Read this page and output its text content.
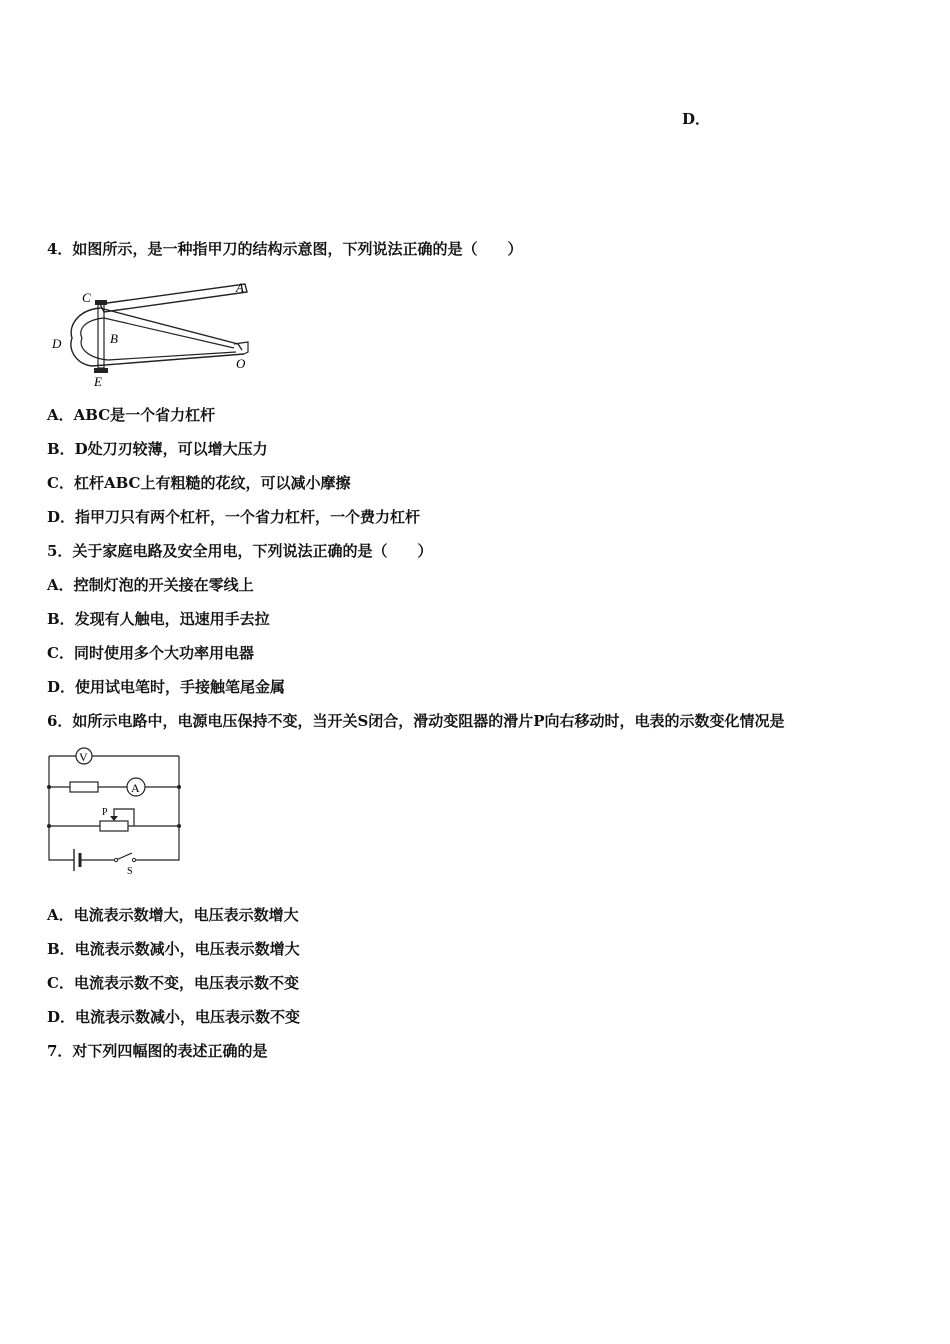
D．
4．如图所示，是一种指甲刀的结构示意图，下列说法正确的是（　　）
C
A
B
D
E
O
A．ABC是一个省力杠杆
B．D处刀刃较薄，可以增大压力
C．杠杆ABC上有粗糙的花纹，可以减小摩擦
D．指甲刀只有两个杠杆，一个省力杠杆，一个费力杠杆
5．关于家庭电路及安全用电，下列说法正确的是（　　）
A．控制灯泡的开关接在零线上
B．发现有人触电，迅速用手去拉
C．同时使用多个大功率用电器
D．使用试电笔时，手接触笔尾金属
6．如所示电路中，电源电压保持不变，当开关S闭合，滑动变阻器的滑片P向右移动时，电表的示数变化情况是
V
A
P
S
A．电流表示数增大，电压表示数增大
B．电流表示数减小，电压表示数增大
C．电流表示数不变，电压表示数不变
D．电流表示数减小，电压表示数不变
7．对下列四幅图的表述正确的是
